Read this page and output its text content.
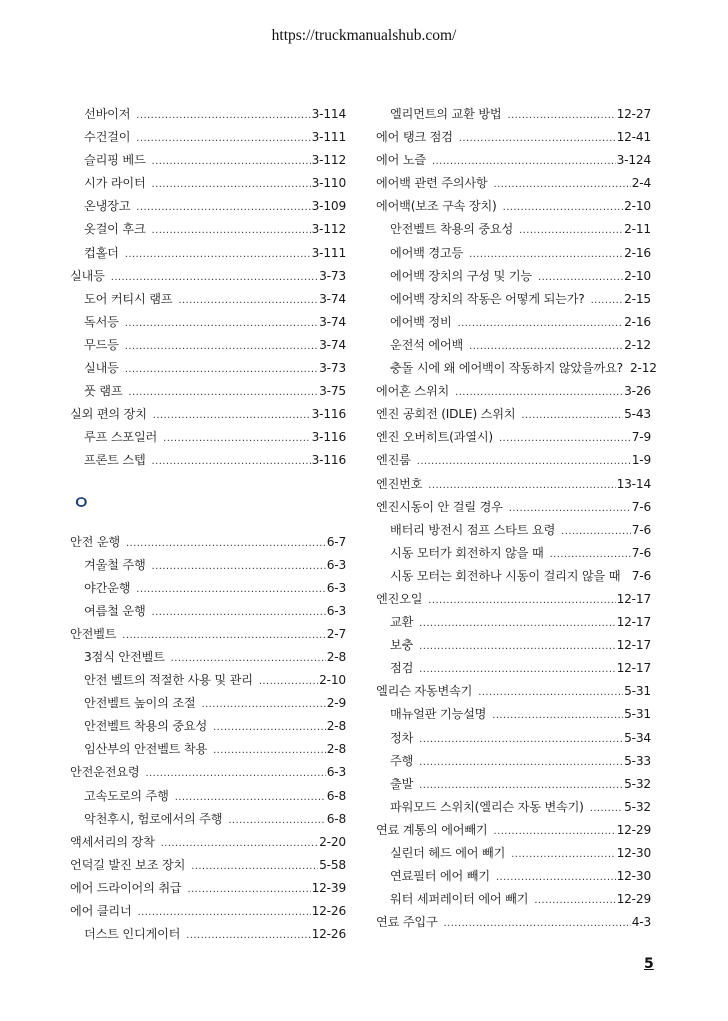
https://truckmanualshub.com/
선바이저 .....	3-114
수건걸이 .....	3-111
슬리핑 베드 .....	3-112
시가 라이터 .....	3-110
온냉장고 .....	3-109
옷걸이 후크 .....	3-112
컵홀더 .....	3-111
실내등 .....	3-73
도어 커티시 램프 .....	3-74
독서등 .....	3-74
무드등 .....	3-74
실내등 .....	3-73
풋 램프 .....	3-75
실외 편의 장치 .....	3-116
루프 스포일러 .....	3-116
프론트 스텝 .....	3-116
ㅇ
안전 운행 .....	6-7
겨울철 주행 .....	6-3
야간운행 .....	6-3
여름철 운행 .....	6-3
안전벨트 .....	2-7
3점식 안전벨트 .....	2-8
안전 벨트의 적절한 사용 및 관리 .....	2-10
안전벨트 높이의 조절 .....	2-9
안전벨트 착용의 중요성 .....	2-8
임산부의 안전벨트 착용 .....	2-8
안전운전요령 .....	6-3
고속도로의 주행 .....	6-8
악천후시, 험로에서의 주행 .....	6-8
액세서리의 장착 .....	2-20
언덕길 발진 보조 장치 .....	5-58
에어 드라이어의 취급 .....	12-39
에어 클리너 .....	12-26
더스트 인디게이터 .....	12-26
엘리먼트의 교환 방법 .....	12-27
에어 탱크 점검 .....	12-41
에어 노즐 .....	3-124
에어백 관련 주의사항 .....	2-4
에어백(보조 구속 장치) .....	2-10
안전벨트 착용의 중요성 .....	2-11
에어백 경고등 .....	2-16
에어백 장치의 구성 및 기능 .....	2-10
에어백 장치의 작동은 어떻게 되는가? .....	2-15
에어백 정비 .....	2-16
운전석 에어백 .....	2-12
충돌 시에 왜 에어백이 작동하지 않았을까요? 2-12
에어혼 스위치 .....	3-26
엔진 공회전 (IDLE) 스위치 .....	5-43
엔진 오버히트(과열시) .....	7-9
엔진룸 .....	1-9
엔진번호 .....	13-14
엔진시동이 안 걸릴 경우 .....	7-6
배터리 방전시 점프 스타트 요령 .....	7-6
시동 모터가 회전하지 않을 때 .....	7-6
시동 모터는 회전하나 시동이 걸리지 않을 때 7-6
엔진오일 .....	12-17
교환 .....	12-17
보충 .....	12-17
점검 .....	12-17
엘리슨 자동변속기 .....	5-31
매뉴얼판 기능설명 .....	5-31
정차 .....	5-34
주행 .....	5-33
출발 .....	5-32
파워모드 스위치(엘리슨 자동 변속기) .....	5-32
연료 계통의 에어빼기 .....	12-29
실린더 헤드 에어 빼기 .....	12-30
연료필터 에어 빼기 .....	12-30
워터 세퍼레이터 에어 빼기 .....	12-29
연료 주입구 .....	4-3
5
